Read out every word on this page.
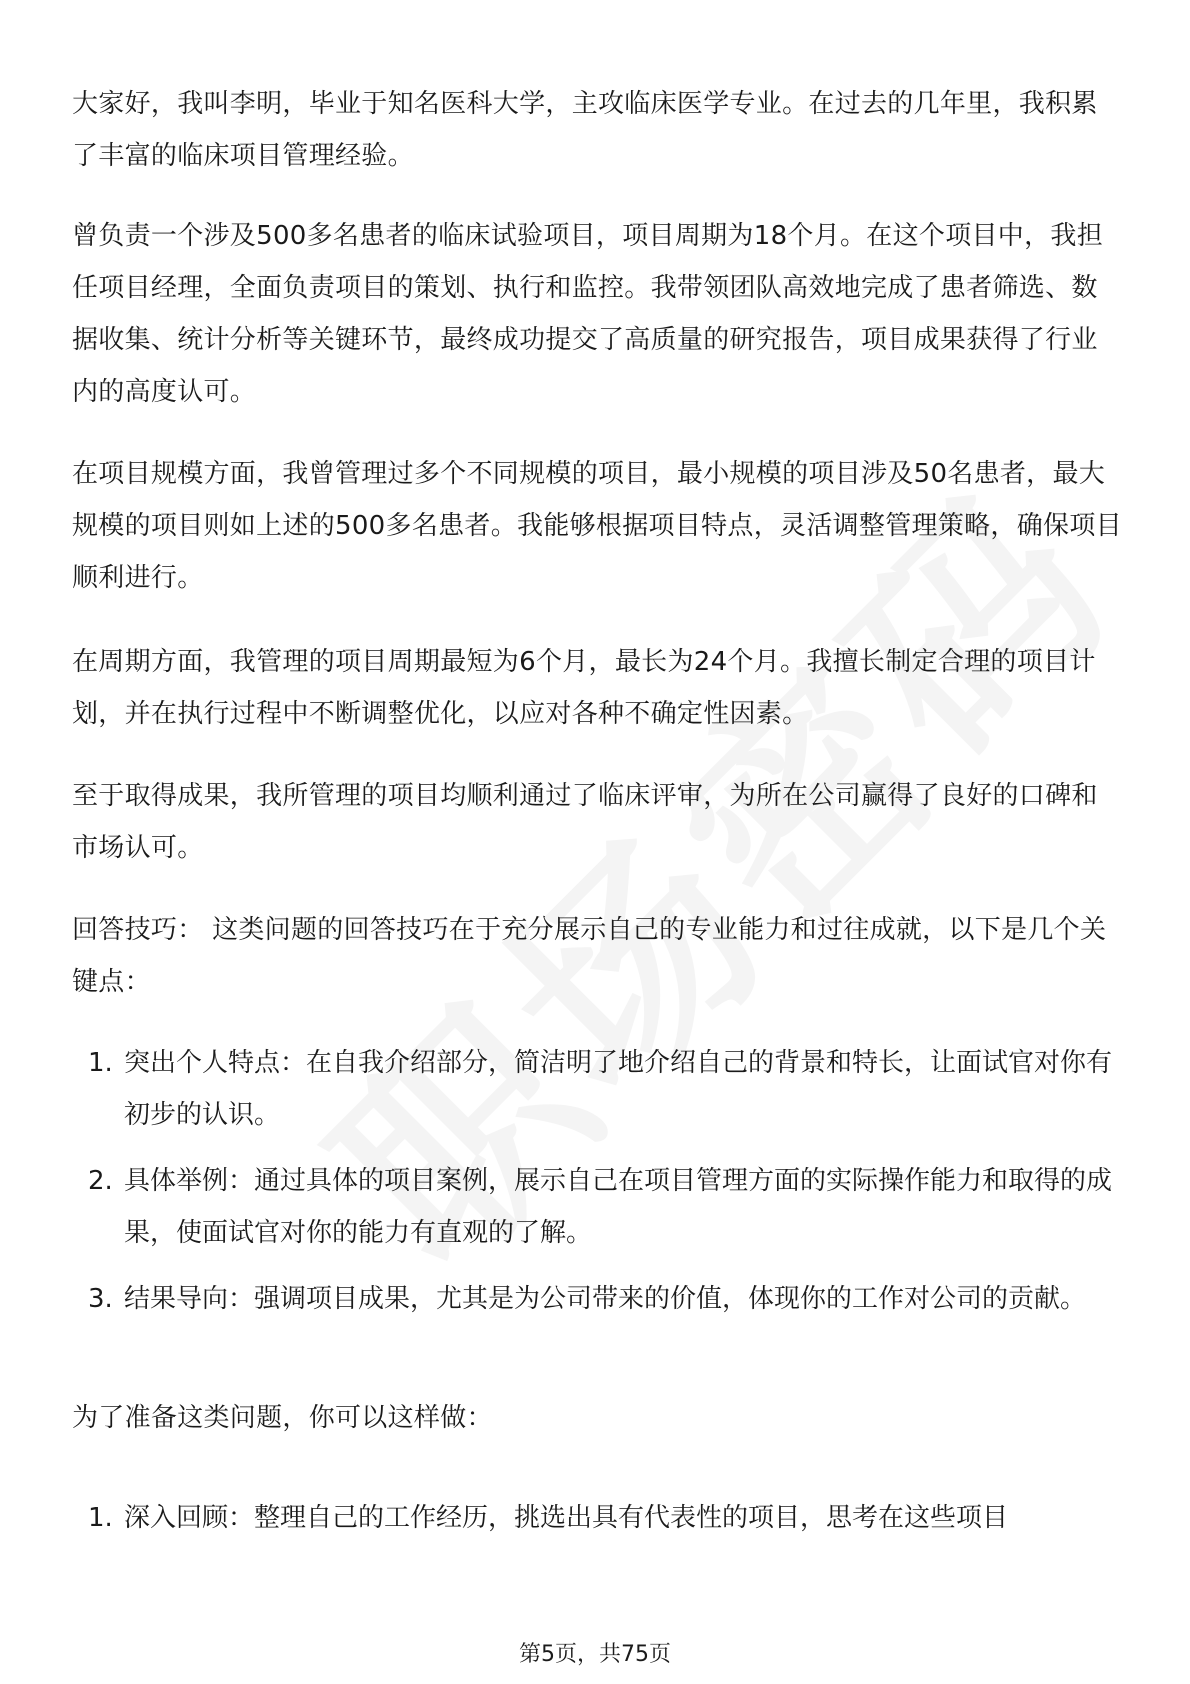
大家好，我叫李明，毕业于知名医科大学，主攻临床医学专业。在过去的几年里，我积累了丰富的临床项目管理经验。

曾负责一个涉及500多名患者的临床试验项目，项目周期为18个月。在这个项目中，我担任项目经理，全面负责项目的策划、执行和监控。我带领团队高效地完成了患者筛选、数据收集、统计分析等关键环节，最终成功提交了高质量的研究报告，项目成果获得了行业内的高度认可。

在项目规模方面，我曾管理过多个不同规模的项目，最小规模的项目涉及50名患者，最大规模的项目则如上述的500多名患者。我能够根据项目特点，灵活调整管理策略，确保项目顺利进行。

在周期方面，我管理的项目周期最短为6个月，最长为24个月。我擅长制定合理的项目计划，并在执行过程中不断调整优化，以应对各种不确定性因素。

至于取得成果，我所管理的项目均顺利通过了临床评审，为所在公司赢得了良好的口碑和市场认可。

回答技巧： 这类问题的回答技巧在于充分展示自己的专业能力和过往成就，以下是几个关键点：

1. 突出个人特点：在自我介绍部分，简洁明了地介绍自己的背景和特长，让面试官对你有初步的认识。
2. 具体举例：通过具体的项目案例，展示自己在项目管理方面的实际操作能力和取得的成果，使面试官对你的能力有直观的了解。
3. 结果导向：强调项目成果，尤其是为公司带来的价值，体现你的工作对公司的贡献。

为了准备这类问题，你可以这样做：

1. 深入回顾：整理自己的工作经历，挑选出具有代表性的项目，思考在这些项目
第5页，共75页
